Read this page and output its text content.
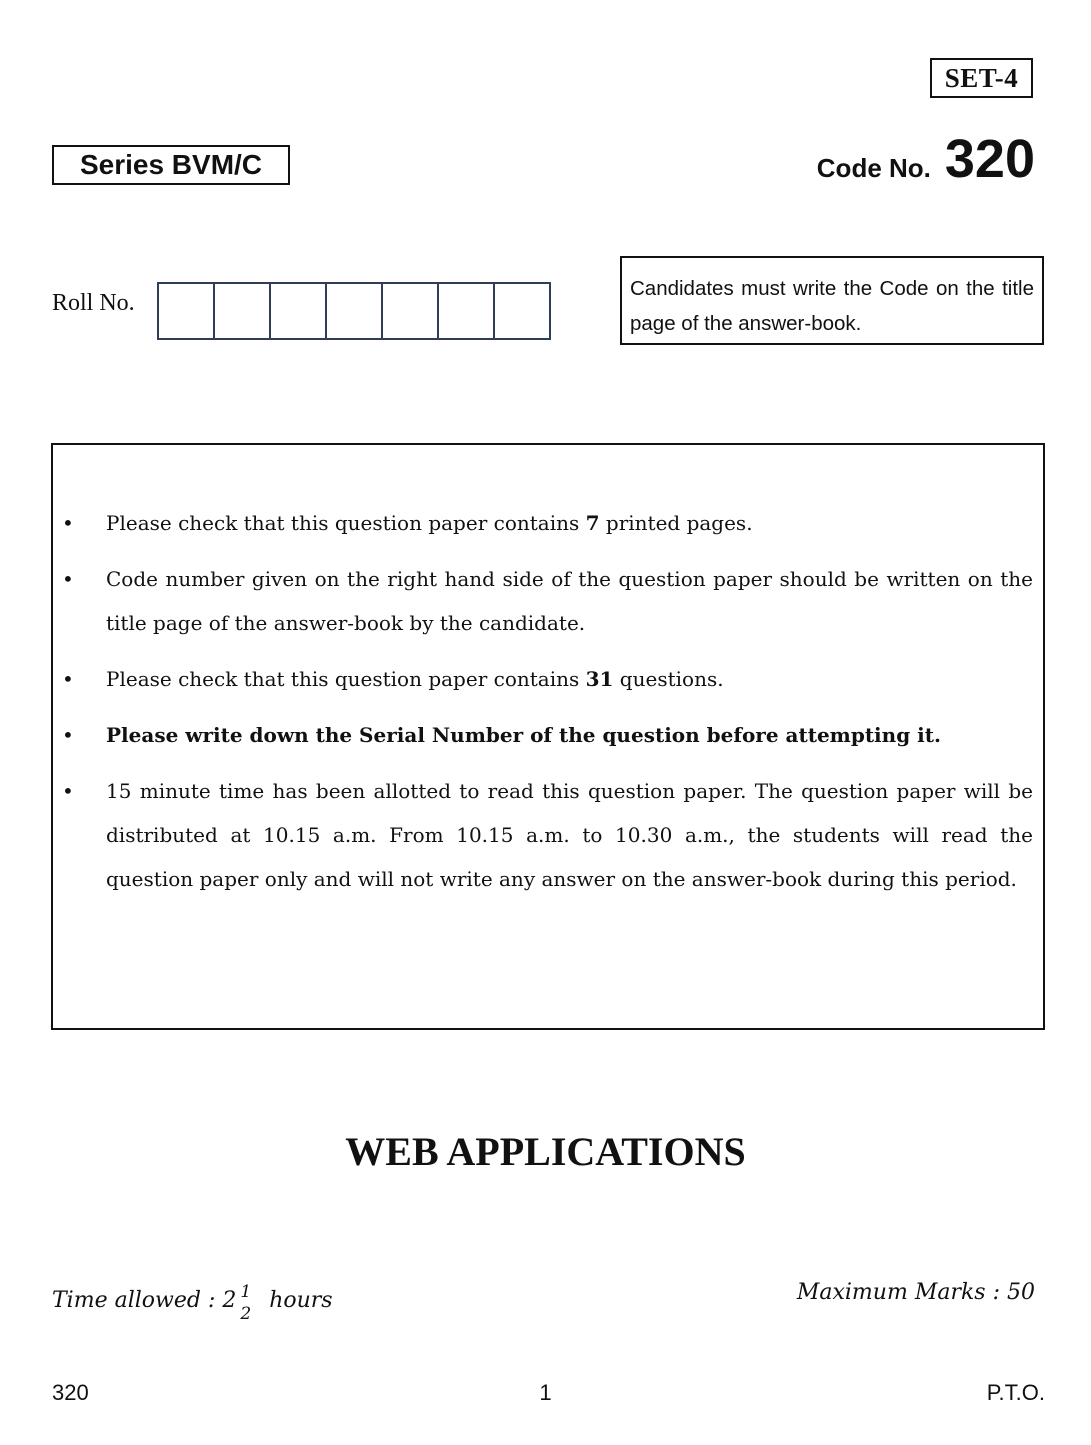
SET-4
Series BVM/C	Code No. 320
Roll No.
Candidates must write the Code on the title page of the answer-book.
• Please check that this question paper contains 7 printed pages.
• Code number given on the right hand side of the question paper should be written on the title page of the answer-book by the candidate.
• Please check that this question paper contains 31 questions.
• Please write down the Serial Number of the question before attempting it.
• 15 minute time has been allotted to read this question paper. The question paper will be distributed at 10.15 a.m. From 10.15 a.m. to 10.30 a.m., the students will read the question paper only and will not write any answer on the answer-book during this period.
WEB APPLICATIONS
Time allowed : 2 1
2
hours	Maximum Marks : 50
320	1	P.T.O.
